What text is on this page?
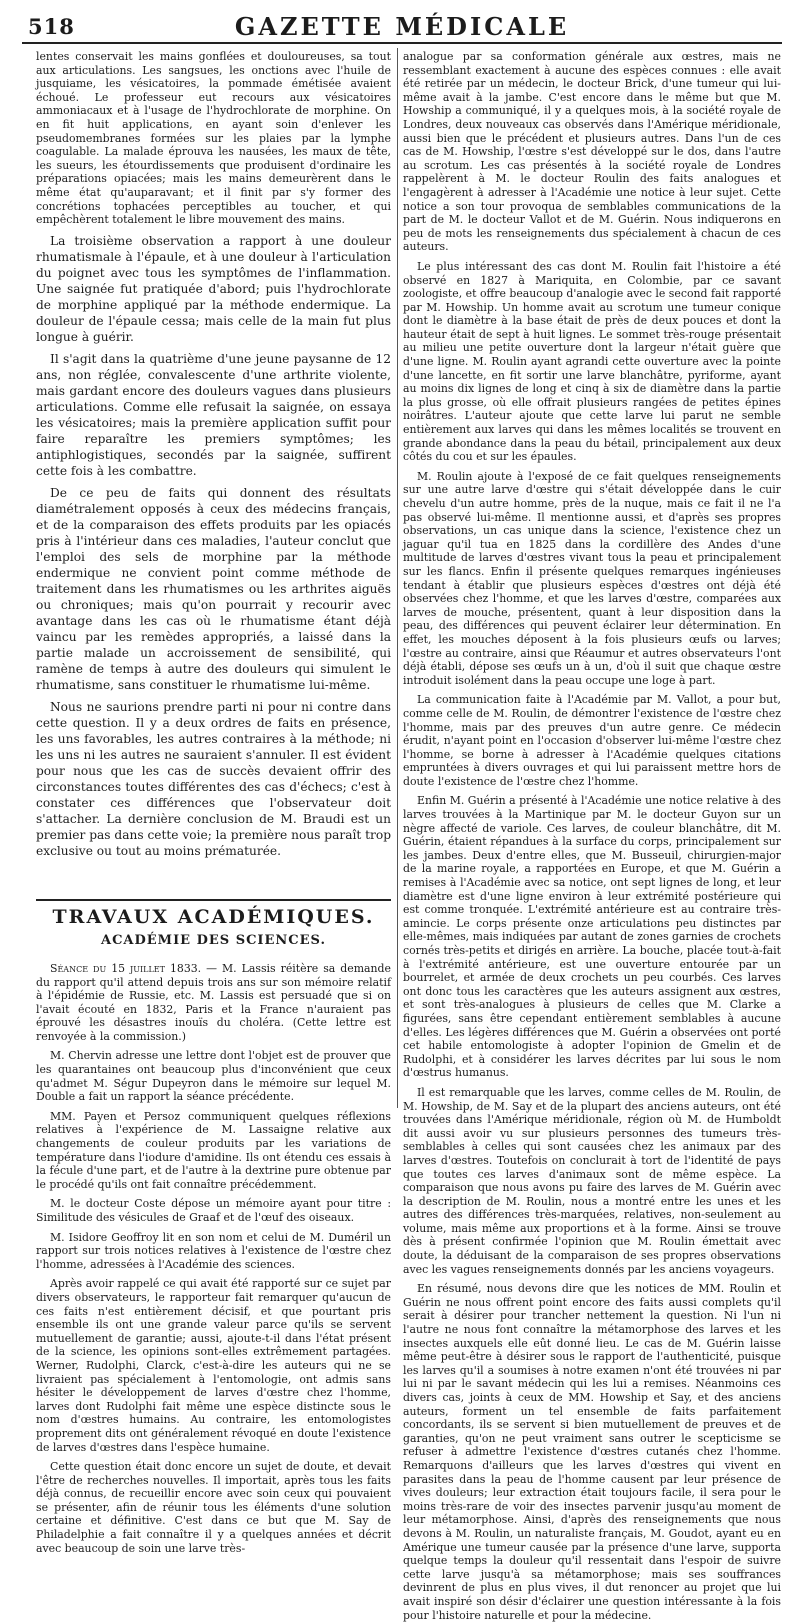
518	GAZETTE MÉDICALE

lentes conservait les mains gonflées et douloureuses, sa tout aux articulations. Les sangsues, les onctions avec l'huile de jusquiame, les vésicatoires, la pommade émétisée avaient échoué. Le professeur eut recours aux vésicatoires ammoniacaux et à l'usage de l'hydrochlorate de morphine. On en fit huit applications, en ayant soin d'enlever les pseudomembranes formées sur les plaies par la lymphe coagulable. La malade éprouva les nausées, les maux de tête, les sueurs, les étourdissements que produisent d'ordinaire les préparations opiacées; mais les mains demeurèrent dans le même état qu'auparavant; et il finit par s'y former des concrétions tophacées perceptibles au toucher, et qui empêchèrent totalement le libre mouvement des mains.

La troisième observation a rapport à une douleur rhumatismale à l'épaule, et à une douleur à l'articulation du poignet avec tous les symptômes de l'inflammation. Une saignée fut pratiquée d'abord; puis l'hydrochlorate de morphine appliqué par la méthode endermique. La douleur de l'épaule cessa; mais celle de la main fut plus longue à guérir.

Il s'agit dans la quatrième d'une jeune paysanne de 12 ans, non réglée, convalescente d'une arthrite violente, mais gardant encore des douleurs vagues dans plusieurs articulations. Comme elle refusait la saignée, on essaya les vésicatoires; mais la première application suffit pour faire reparaître les premiers symptômes; les antiphlogistiques, secondés par la saignée, suffirent cette fois à les combattre.

De ce peu de faits qui donnent des résultats diamétralement opposés à ceux des médecins français, et de la comparaison des effets produits par les opiacés pris à l'intérieur dans ces maladies, l'auteur conclut que l'emploi des sels de morphine par la méthode endermique ne convient point comme méthode de traitement dans les rhumatismes ou les arthrites aiguës ou chroniques; mais qu'on pourrait y recourir avec avantage dans les cas où le rhumatisme étant déjà vaincu par les remèdes appropriés, a laissé dans la partie malade un accroissement de sensibilité, qui ramène de temps à autre des douleurs qui simulent le rhumatisme, sans constituer le rhumatisme lui-même.

Nous ne saurions prendre parti ni pour ni contre dans cette question. Il y a deux ordres de faits en présence, les uns favorables, les autres contraires à la méthode; ni les uns ni les autres ne sauraient s'annuler. Il est évident pour nous que les cas de succès devaient offrir des circonstances toutes différentes des cas d'échecs; c'est à constater ces différences que l'observateur doit s'attacher. La dernière conclusion de M. Braudi est un premier pas dans cette voie; la première nous paraît trop exclusive ou tout au moins prématurée.

TRAVAUX ACADÉMIQUES.
ACADÉMIE DES SCIENCES.

Séance du 15 juillet 1833. — M. Lassis réitère sa demande du rapport qu'il attend depuis trois ans sur son mémoire relatif à l'épidémie de Russie, etc. M. Lassis est persuadé que si on l'avait écouté en 1832, Paris et la France n'auraient pas éprouvé les désastres inouïs du choléra. (Cette lettre est renvoyée à la commission.)

M. Chervin adresse une lettre dont l'objet est de prouver que les quarantaines ont beaucoup plus d'inconvénient que ceux qu'admet M. Ségur Dupeyron dans le mémoire sur lequel M. Double a fait un rapport la séance précédente.

MM. Payen et Persoz communiquent quelques réflexions relatives à l'expérience de M. Lassaigne relative aux changements de couleur produits par les variations de température dans l'iodure d'amidine. Ils ont étendu ces essais à la fécule d'une part, et de l'autre à la dextrine pure obtenue par le procédé qu'ils ont fait connaître précédemment.

M. le docteur Coste dépose un mémoire ayant pour titre : Similitude des vésicules de Graaf et de l'œuf des oiseaux.

M. Isidore Geoffroy lit en son nom et celui de M. Duméril un rapport sur trois notices relatives à l'existence de l'œstre chez l'homme, adressées à l'Académie des sciences.

Après avoir rappelé ce qui avait été rapporté sur ce sujet par divers observateurs, le rapporteur fait remarquer qu'aucun de ces faits n'est entièrement décisif, et que pourtant pris ensemble ils ont une grande valeur parce qu'ils se servent mutuellement de garantie; aussi, ajoute-t-il dans l'état présent de la science, les opinions sont-elles extrêmement partagées. Werner, Rudolphi, Clarck, c'est-à-dire les auteurs qui ne se livraient pas spécialement à l'entomologie, ont admis sans hésiter le développement de larves d'œstre chez l'homme, larves dont Rudolphi fait même une espèce distincte sous le nom d'œstres humains. Au contraire, les entomologistes proprement dits ont généralement révoqué en doute l'existence de larves d'œstres dans l'espèce humaine.

Cette question était donc encore un sujet de doute, et devait l'être de recherches nouvelles. Il importait, après tous les faits déjà connus, de recueillir encore avec soin ceux qui pouvaient se présenter, afin de réunir tous les éléments d'une solution certaine et définitive. C'est dans ce but que M. Say de Philadelphie a fait connaître il y a quelques années et décrit avec beaucoup de soin une larve très-

analogue par sa conformation générale aux œstres, mais ne ressemblant exactement à aucune des espèces connues : elle avait été retirée par un médecin, le docteur Brick, d'une tumeur qui lui-même avait à la jambe. C'est encore dans le même but que M. Howship a communiqué, il y a quelques mois, à la société royale de Londres, deux nouveaux cas observés dans l'Amérique méridionale, aussi bien que le précédent et plusieurs autres. Dans l'un de ces cas de M. Howship, l'œstre s'est développé sur le dos, dans l'autre au scrotum. Les cas présentés à la société royale de Londres rappelèrent à M. le docteur Roulin des faits analogues et l'engagèrent à adresser à l'Académie une notice à leur sujet. Cette notice a son tour provoqua de semblables communications de la part de M. le docteur Vallot et de M. Guérin. Nous indiquerons en peu de mots les renseignements dus spécialement à chacun de ces auteurs.

Le plus intéressant des cas dont M. Roulin fait l'histoire a été observé en 1827 à Mariquita, en Colombie, par ce savant zoologiste, et offre beaucoup d'analogie avec le second fait rapporté par M. Howship. Un homme avait au scrotum une tumeur conique dont le diamètre à la base était de près de deux pouces et dont la hauteur était de sept à huit lignes. Le sommet très-rouge présentait au milieu une petite ouverture dont la largeur n'était guère que d'une ligne. M. Roulin ayant agrandi cette ouverture avec la pointe d'une lancette, en fit sortir une larve blanchâtre, pyriforme, ayant au moins dix lignes de long et cinq à six de diamètre dans la partie la plus grosse, où elle offrait plusieurs rangées de petites épines noirâtres. L'auteur ajoute que cette larve lui parut ne semble entièrement aux larves qui dans les mêmes localités se trouvent en grande abondance dans la peau du bétail, principalement aux deux côtés du cou et sur les épaules.

M. Roulin ajoute à l'exposé de ce fait quelques renseignements sur une autre larve d'œstre qui s'était développée dans le cuir chevelu d'un autre homme, près de la nuque, mais ce fait il ne l'a pas observé lui-même. Il mentionne aussi, et d'après ses propres observations, un cas unique dans la science, l'existence chez un jaguar qu'il tua en 1825 dans la cordillère des Andes d'une multitude de larves d'œstres vivant tous la peau et principalement sur les flancs. Enfin il présente quelques remarques ingénieuses tendant à établir que plusieurs espèces d'œstres ont déjà été observées chez l'homme, et que les larves d'œstre, comparées aux larves de mouche, présentent, quant à leur disposition dans la peau, des différences qui peuvent éclairer leur détermination. En effet, les mouches déposent à la fois plusieurs œufs ou larves; l'œstre au contraire, ainsi que Réaumur et autres observateurs l'ont déjà établi, dépose ses œufs un à un, d'où il suit que chaque œstre introduit isolément dans la peau occupe une loge à part.

La communication faite à l'Académie par M. Vallot, a pour but, comme celle de M. Roulin, de démontrer l'existence de l'œstre chez l'homme, mais par des preuves d'un autre genre. Ce médecin érudit, n'ayant point en l'occasion d'observer lui-même l'œstre chez l'homme, se borne à adresser à l'Académie quelques citations empruntées à divers ouvrages et qui lui paraissent mettre hors de doute l'existence de l'œstre chez l'homme.

Enfin M. Guérin a présenté à l'Académie une notice relative à des larves trouvées à la Martinique par M. le docteur Guyon sur un nègre affecté de variole. Ces larves, de couleur blanchâtre, dit M. Guérin, étaient répandues à la surface du corps, principalement sur les jambes. Deux d'entre elles, que M. Busseuil, chirurgien-major de la marine royale, a rapportées en Europe, et que M. Guérin a remises à l'Académie avec sa notice, ont sept lignes de long, et leur diamètre est d'une ligne environ à leur extrémité postérieure qui est comme tronquée. L'extrémité antérieure est au contraire très-amincie. Le corps présente onze articulations peu distinctes par elle-mêmes, mais indiquées par autant de zones garnies de crochets cornés très-petits et dirigés en arrière. La bouche, placée tout-à-fait à l'extrémité antérieure, est une ouverture entourée par un bourrelet, et armée de deux crochets un peu courbés. Ces larves ont donc tous les caractères que les auteurs assignent aux œstres, et sont très-analogues à plusieurs de celles que M. Clarke a figurées, sans être cependant entièrement semblables à aucune d'elles. Les légères différences que M. Guérin a observées ont porté cet habile entomologiste à adopter l'opinion de Gmelin et de Rudolphi, et à considérer les larves décrites par lui sous le nom d'œstrus humanus.

Il est remarquable que les larves, comme celles de M. Roulin, de M. Howship, de M. Say et de la plupart des anciens auteurs, ont été trouvées dans l'Amérique méridionale, région où M. de Humboldt dit aussi avoir vu sur plusieurs personnes des tumeurs très-semblables à celles qui sont causées chez les animaux par des larves d'œstres. Toutefois on conclurait à tort de l'identité de pays que toutes ces larves d'animaux sont de même espèce. La comparaison que nous avons pu faire des larves de M. Guérin avec la description de M. Roulin, nous a montré entre les unes et les autres des différences très-marquées, relatives, non-seulement au volume, mais même aux proportions et à la forme. Ainsi se trouve dès à présent confirmée l'opinion que M. Roulin émettait avec doute, la déduisant de la comparaison de ses propres observations avec les vagues renseignements donnés par les anciens voyageurs.

En résumé, nous devons dire que les notices de MM. Roulin et Guérin ne nous offrent point encore des faits aussi complets qu'il serait à désirer pour trancher nettement la question. Ni l'un ni l'autre ne nous font connaître la métamorphose des larves et les insectes auxquels elle eût donné lieu. Le cas de M. Guérin laisse même peut-être à désirer sous le rapport de l'authenticité, puisque les larves qu'il a soumises à notre examen n'ont été trouvées ni par lui ni par le savant médecin qui les lui a remises. Néanmoins ces divers cas, joints à ceux de MM. Howship et Say, et des anciens auteurs, forment un tel ensemble de faits parfaitement concordants, ils se servent si bien mutuellement de preuves et de garanties, qu'on ne peut vraiment sans outrer le scepticisme se refuser à admettre l'existence d'œstres cutanés chez l'homme. Remarquons d'ailleurs que les larves d'œstres qui vivent en parasites dans la peau de l'homme causent par leur présence de vives douleurs; leur extraction était toujours facile, il sera pour le moins très-rare de voir des insectes parvenir jusqu'au moment de leur métamorphose. Ainsi, d'après des renseignements que nous devons à M. Roulin, un naturaliste français, M. Goudot, ayant eu en Amérique une tumeur causée par la présence d'une larve, supporta quelque temps la douleur qu'il ressentait dans l'espoir de suivre cette larve jusqu'à sa métamorphose; mais ses souffrances devinrent de plus en plus vives, il dut renoncer au projet que lui avait inspiré son désir d'éclairer une question intéressante à la fois pour l'histoire naturelle et pour la médecine.
